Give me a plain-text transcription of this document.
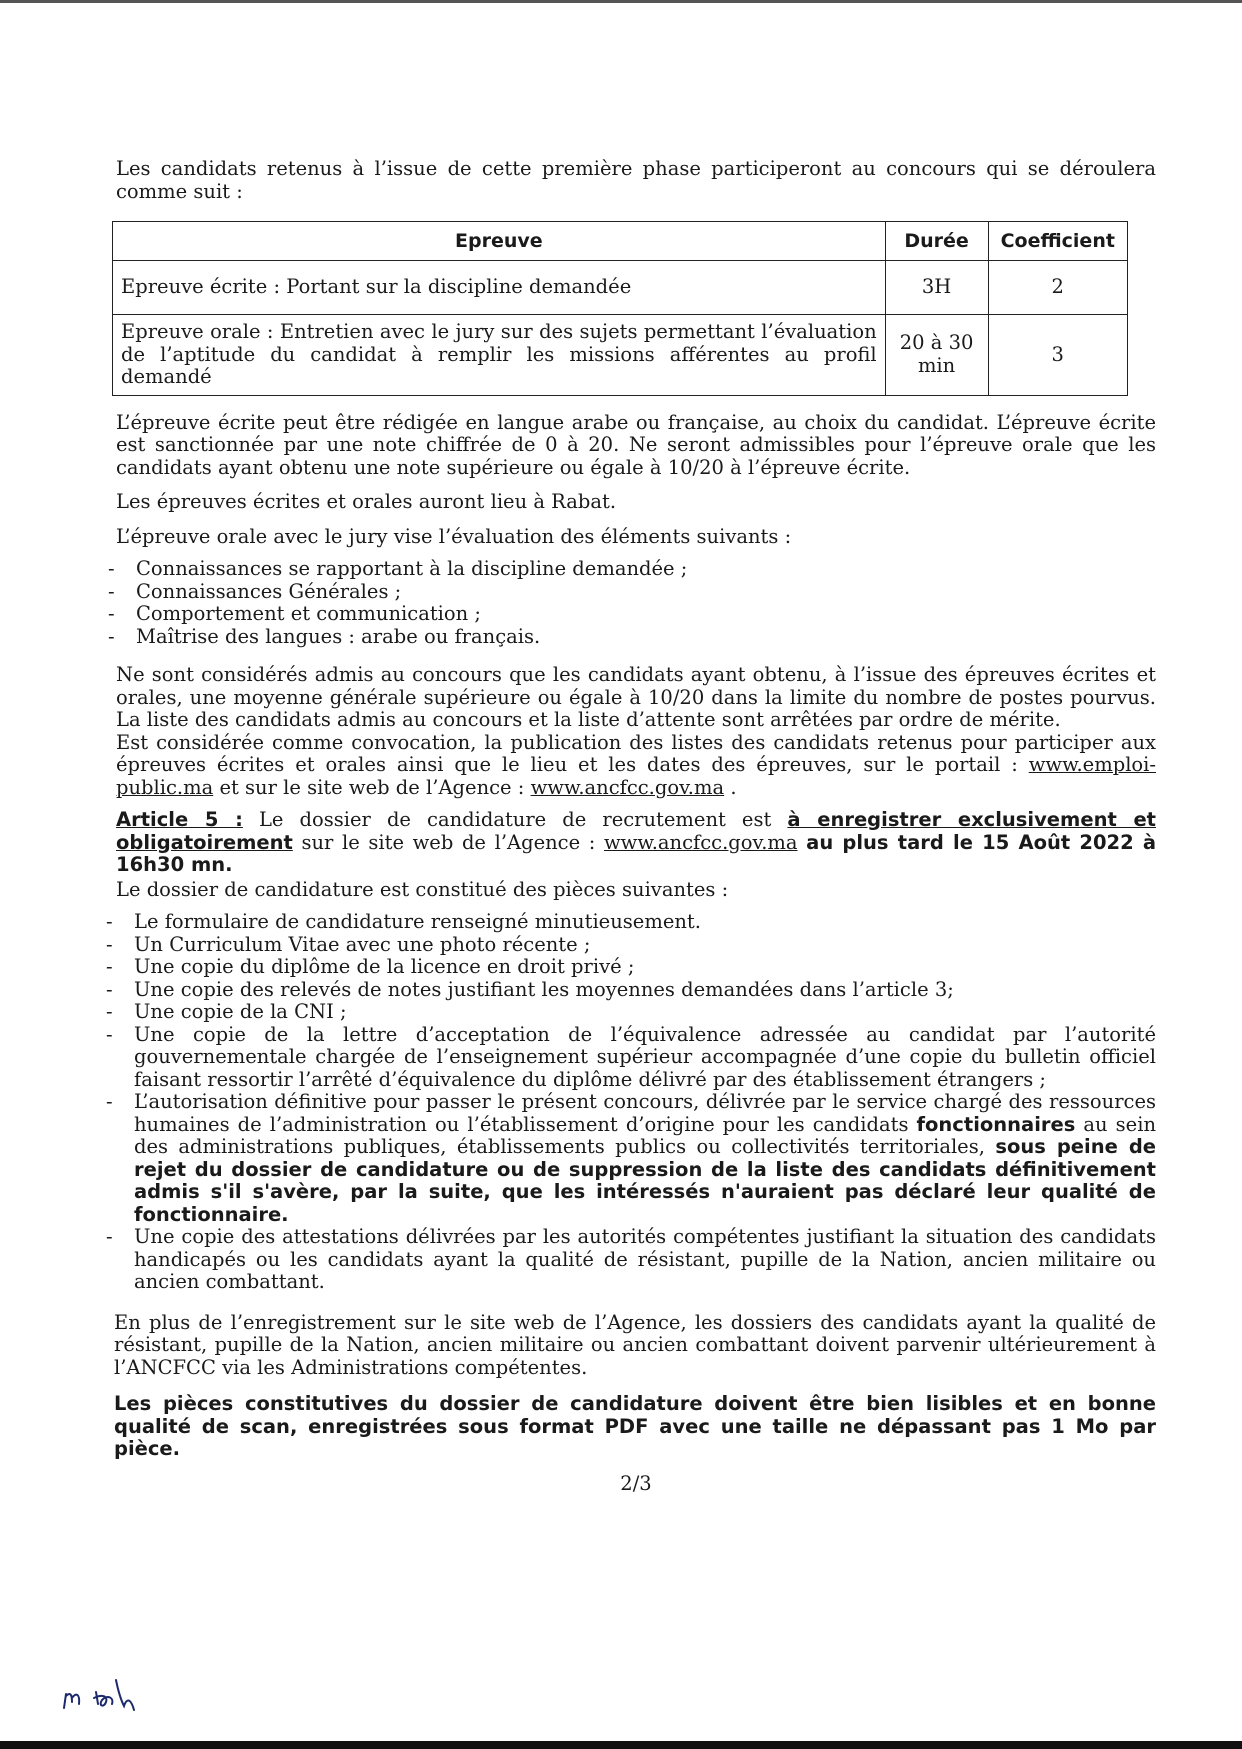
Les candidats retenus à l’issue de cette première phase participeront au concours qui se déroulera comme suit :

Epreuve	Durée	Coefficient
Epreuve écrite : Portant sur la discipline demandée	3H	2
Epreuve orale : Entretien avec le jury sur des sujets permettant l’évaluation de l’aptitude du candidat à remplir les missions afférentes au profil demandé	20 à 30 min	3

L’épreuve écrite peut être rédigée en langue arabe ou française, au choix du candidat. L’épreuve écrite est sanctionnée par une note chiffrée de 0 à 20. Ne seront admissibles pour l’épreuve orale que les candidats ayant obtenu une note supérieure ou égale à 10/20 à l’épreuve écrite.

Les épreuves écrites et orales auront lieu à Rabat.

L’épreuve orale avec le jury vise l’évaluation des éléments suivants :

- Connaissances se rapportant à la discipline demandée ;
- Connaissances Générales ;
- Comportement et communication ;
- Maîtrise des langues : arabe ou français.

Ne sont considérés admis au concours que les candidats ayant obtenu, à l’issue des épreuves écrites et orales, une moyenne générale supérieure ou égale à 10/20 dans la limite du nombre de postes pourvus. La liste des candidats admis au concours et la liste d’attente sont arrêtées par ordre de mérite.

Est considérée comme convocation, la publication des listes des candidats retenus pour participer aux épreuves écrites et orales ainsi que le lieu et les dates des épreuves, sur le portail : www.emploi-public.ma et sur le site web de l’Agence : www.ancfcc.gov.ma .

Article 5 : Le dossier de candidature de recrutement est à enregistrer exclusivement et obligatoirement sur le site web de l’Agence : www.ancfcc.gov.ma au plus tard le 15 Août 2022 à 16h30 mn.

Le dossier de candidature est constitué des pièces suivantes :

- Le formulaire de candidature renseigné minutieusement.
- Un Curriculum Vitae avec une photo récente ;
- Une copie du diplôme de la licence en droit privé ;
- Une copie des relevés de notes justifiant les moyennes demandées dans l’article 3;
- Une copie de la CNI ;
- Une copie de la lettre d’acceptation de l’équivalence adressée au candidat par l’autorité gouvernementale chargée de l’enseignement supérieur accompagnée d’une copie du bulletin officiel faisant ressortir l’arrêté d’équivalence du diplôme délivré par des établissement étrangers ;
- L’autorisation définitive pour passer le présent concours, délivrée par le service chargé des ressources humaines de l’administration ou l’établissement d’origine pour les candidats fonctionnaires au sein des administrations publiques, établissements publics ou collectivités territoriales, sous peine de rejet du dossier de candidature ou de suppression de la liste des candidats définitivement admis s'il s'avère, par la suite, que les intéressés n'auraient pas déclaré leur qualité de fonctionnaire.
- Une copie des attestations délivrées par les autorités compétentes justifiant la situation des candidats handicapés ou les candidats ayant la qualité de résistant, pupille de la Nation, ancien militaire ou ancien combattant.

En plus de l’enregistrement sur le site web de l’Agence, les dossiers des candidats ayant la qualité de résistant, pupille de la Nation, ancien militaire ou ancien combattant doivent parvenir ultérieurement à l’ANCFCC via les Administrations compétentes.

Les pièces constitutives du dossier de candidature doivent être bien lisibles et en bonne qualité de scan, enregistrées sous format PDF avec une taille ne dépassant pas 1 Mo par pièce.

2/3
